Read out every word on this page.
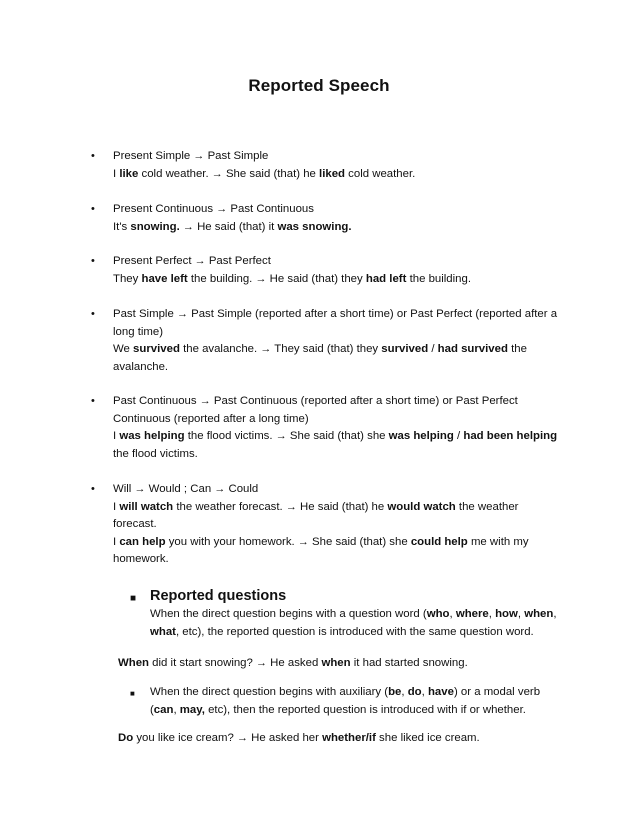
Reported Speech
• Present Simple → Past Simple
I like cold weather. → She said (that) he liked cold weather.
• Present Continuous → Past Continuous
It's snowing. → He said (that) it was snowing.
• Present Perfect → Past Perfect
They have left the building. → He said (that) they had left the building.
• Past Simple → Past Simple (reported after a short time) or Past Perfect (reported after a
long time)
We survived the avalanche. → They said (that) they survived / had survived the
avalanche.
• Past Continuous → Past Continuous (reported after a short time) or Past Perfect
Continuous (reported after a long time)
I was helping the flood victims. → She said (that) she was helping / had been helping
the flood victims.
• Will → Would ; Can → Could
I will watch the weather forecast. → He said (that) he would watch the weather
forecast.
I can help you with your homework. → She said (that) she could help me with my
homework.
■ Reported questions
When the direct question begins with a question word (who, where, how, when,
what, etc), the reported question is introduced with the same question word.
When did it start snowing? → He asked when it had started snowing.
■ When the direct question begins with auxiliary (be, do, have) or a modal verb
(can, may, etc), then the reported question is introduced with if or whether.
Do you like ice cream? → He asked her whether/if she liked ice cream.
